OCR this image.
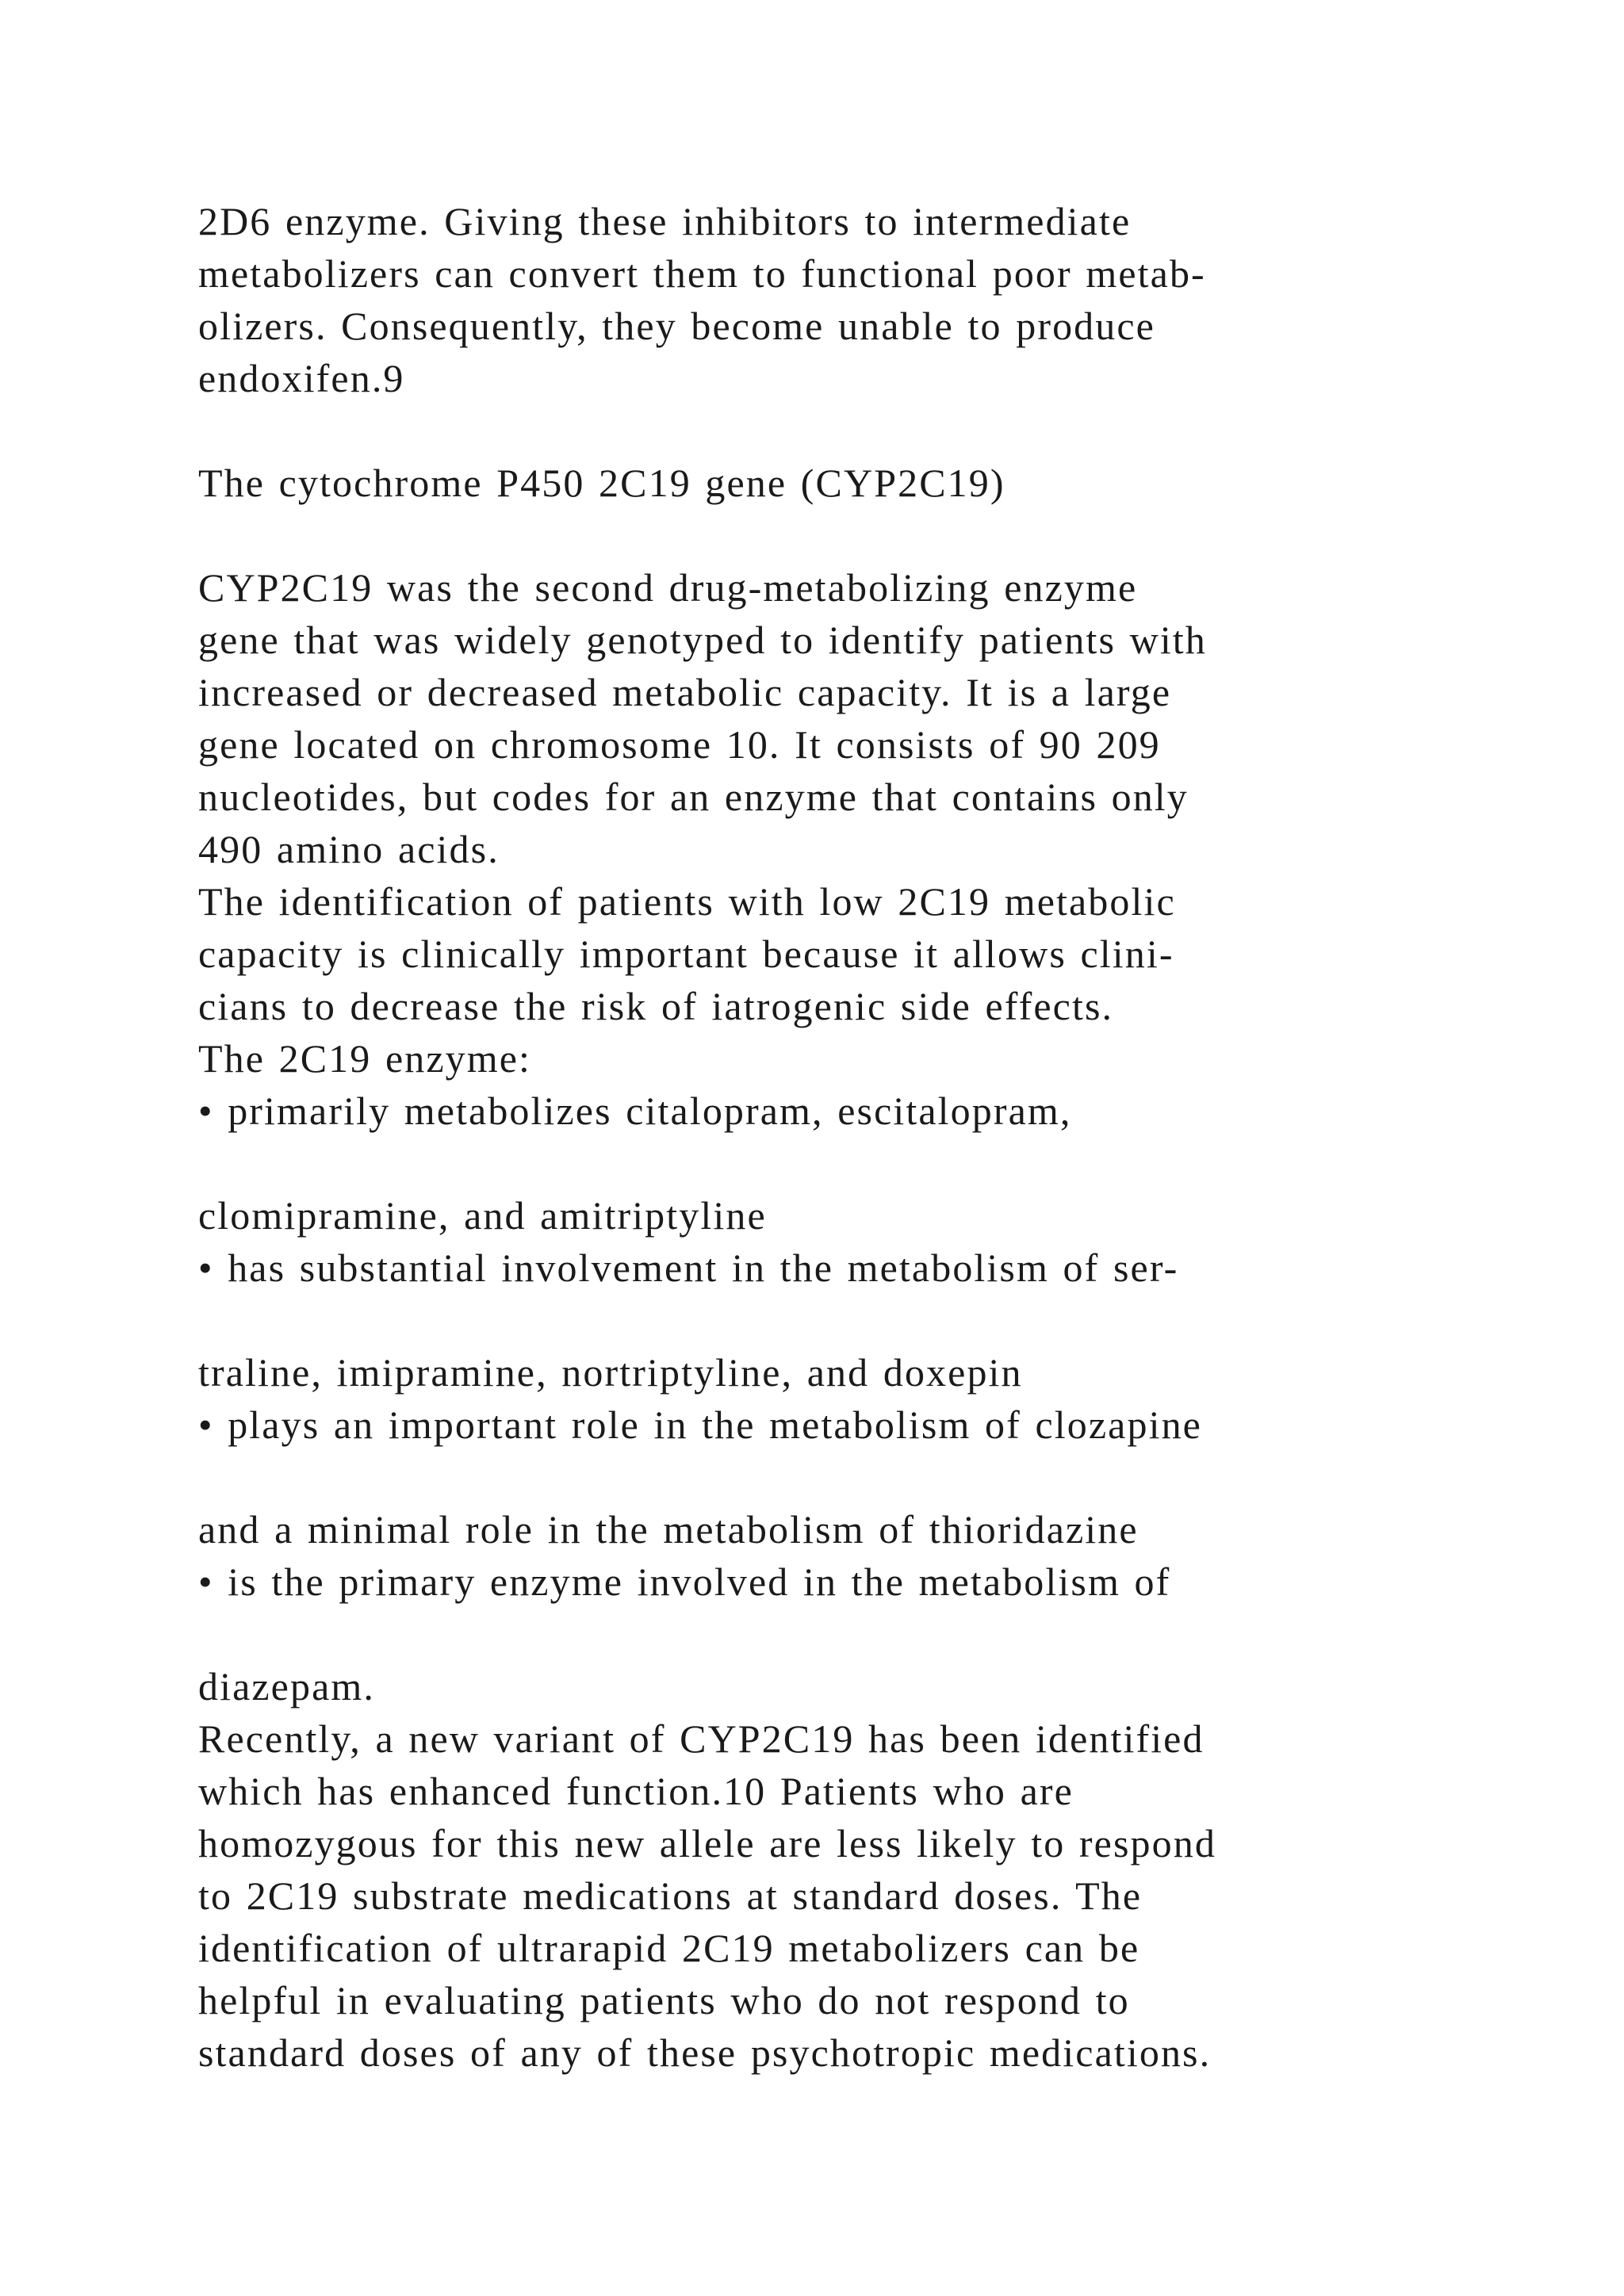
2D6 enzyme. Giving these inhibitors to intermediate
metabolizers can convert them to functional poor metab-
olizers. Consequently, they become unable to produce
endoxifen.9
The cytochrome P450 2C19 gene (CYP2C19)
CYP2C19 was the second drug-metabolizing enzyme
gene that was widely genotyped to identify patients with
increased or decreased metabolic capacity. It is a large
gene located on chromosome 10. It consists of 90 209
nucleotides, but codes for an enzyme that contains only
490 amino acids.
The identification of patients with low 2C19 metabolic
capacity is clinically important because it allows clini-
cians to decrease the risk of iatrogenic side effects.
The 2C19 enzyme:
• primarily metabolizes citalopram, escitalopram,
clomipramine, and amitriptyline
• has substantial involvement in the metabolism of ser-
traline, imipramine, nortriptyline, and doxepin
• plays an important role in the metabolism of clozapine
and a minimal role in the metabolism of thioridazine
• is the primary enzyme involved in the metabolism of
diazepam.
Recently, a new variant of CYP2C19 has been identified
which has enhanced function.10 Patients who are
homozygous for this new allele are less likely to respond
to 2C19 substrate medications at standard doses. The
identification of ultrarapid 2C19 metabolizers can be
helpful in evaluating patients who do not respond to
standard doses of any of these psychotropic medications.
